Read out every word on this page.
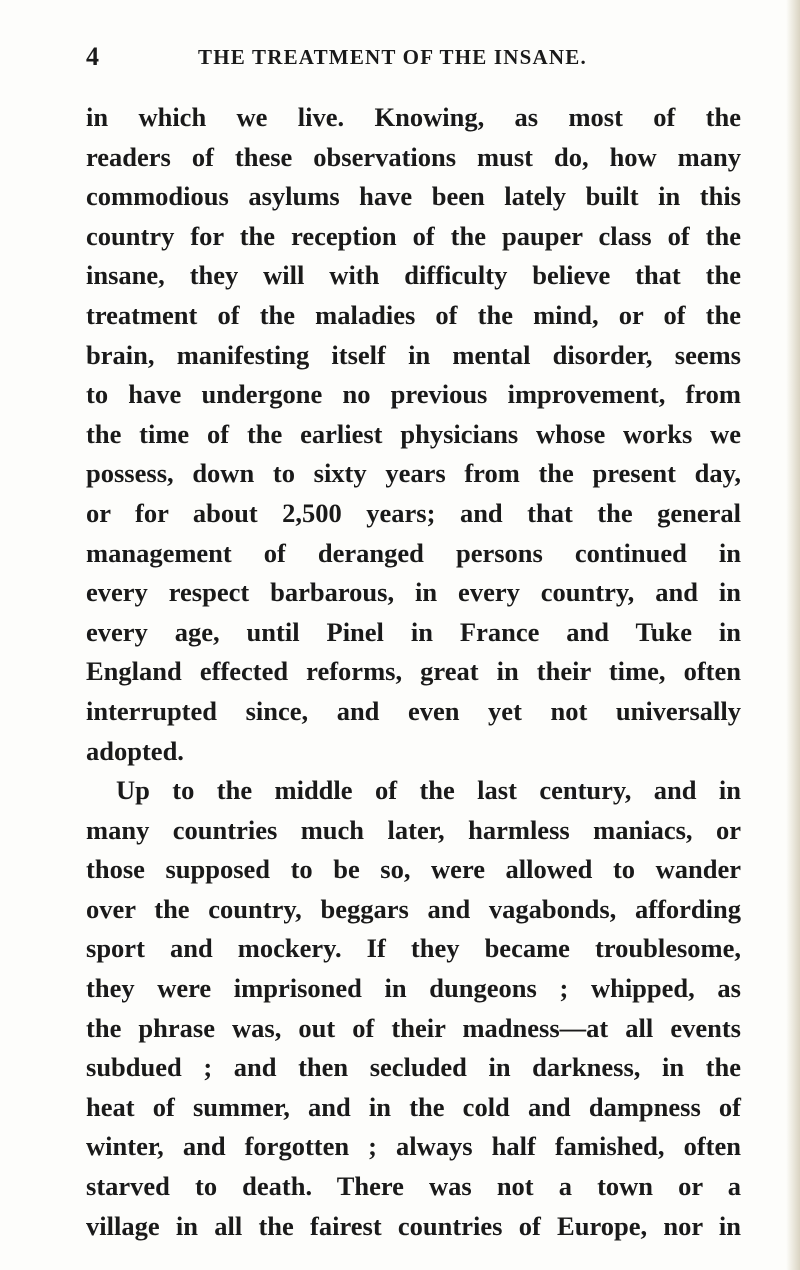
4	THE TREATMENT OF THE INSANE.
in which we live. Knowing, as most of the
readers of these observations must do, how many
commodious asylums have been lately built in this
country for the reception of the pauper class of the
insane, they will with difficulty believe that the
treatment of the maladies of the mind, or of the
brain, manifesting itself in mental disorder, seems
to have undergone no previous improvement, from
the time of the earliest physicians whose works we
possess, down to sixty years from the present day,
or for about 2,500 years; and that the general
management of deranged persons continued in
every respect barbarous, in every country, and in
every age, until Pinel in France and Tuke in
England effected reforms, great in their time, often
interrupted since, and even yet not universally
adopted.
Up to the middle of the last century, and in
many countries much later, harmless maniacs, or
those supposed to be so, were allowed to wander
over the country, beggars and vagabonds, affording
sport and mockery. If they became troublesome,
they were imprisoned in dungeons ; whipped, as
the phrase was, out of their madness—at all events
subdued ; and then secluded in darkness, in the
heat of summer, and in the cold and dampness of
winter, and forgotten ; always half famished, often
starved to death. There was not a town or a
village in all the fairest countries of Europe, nor in
